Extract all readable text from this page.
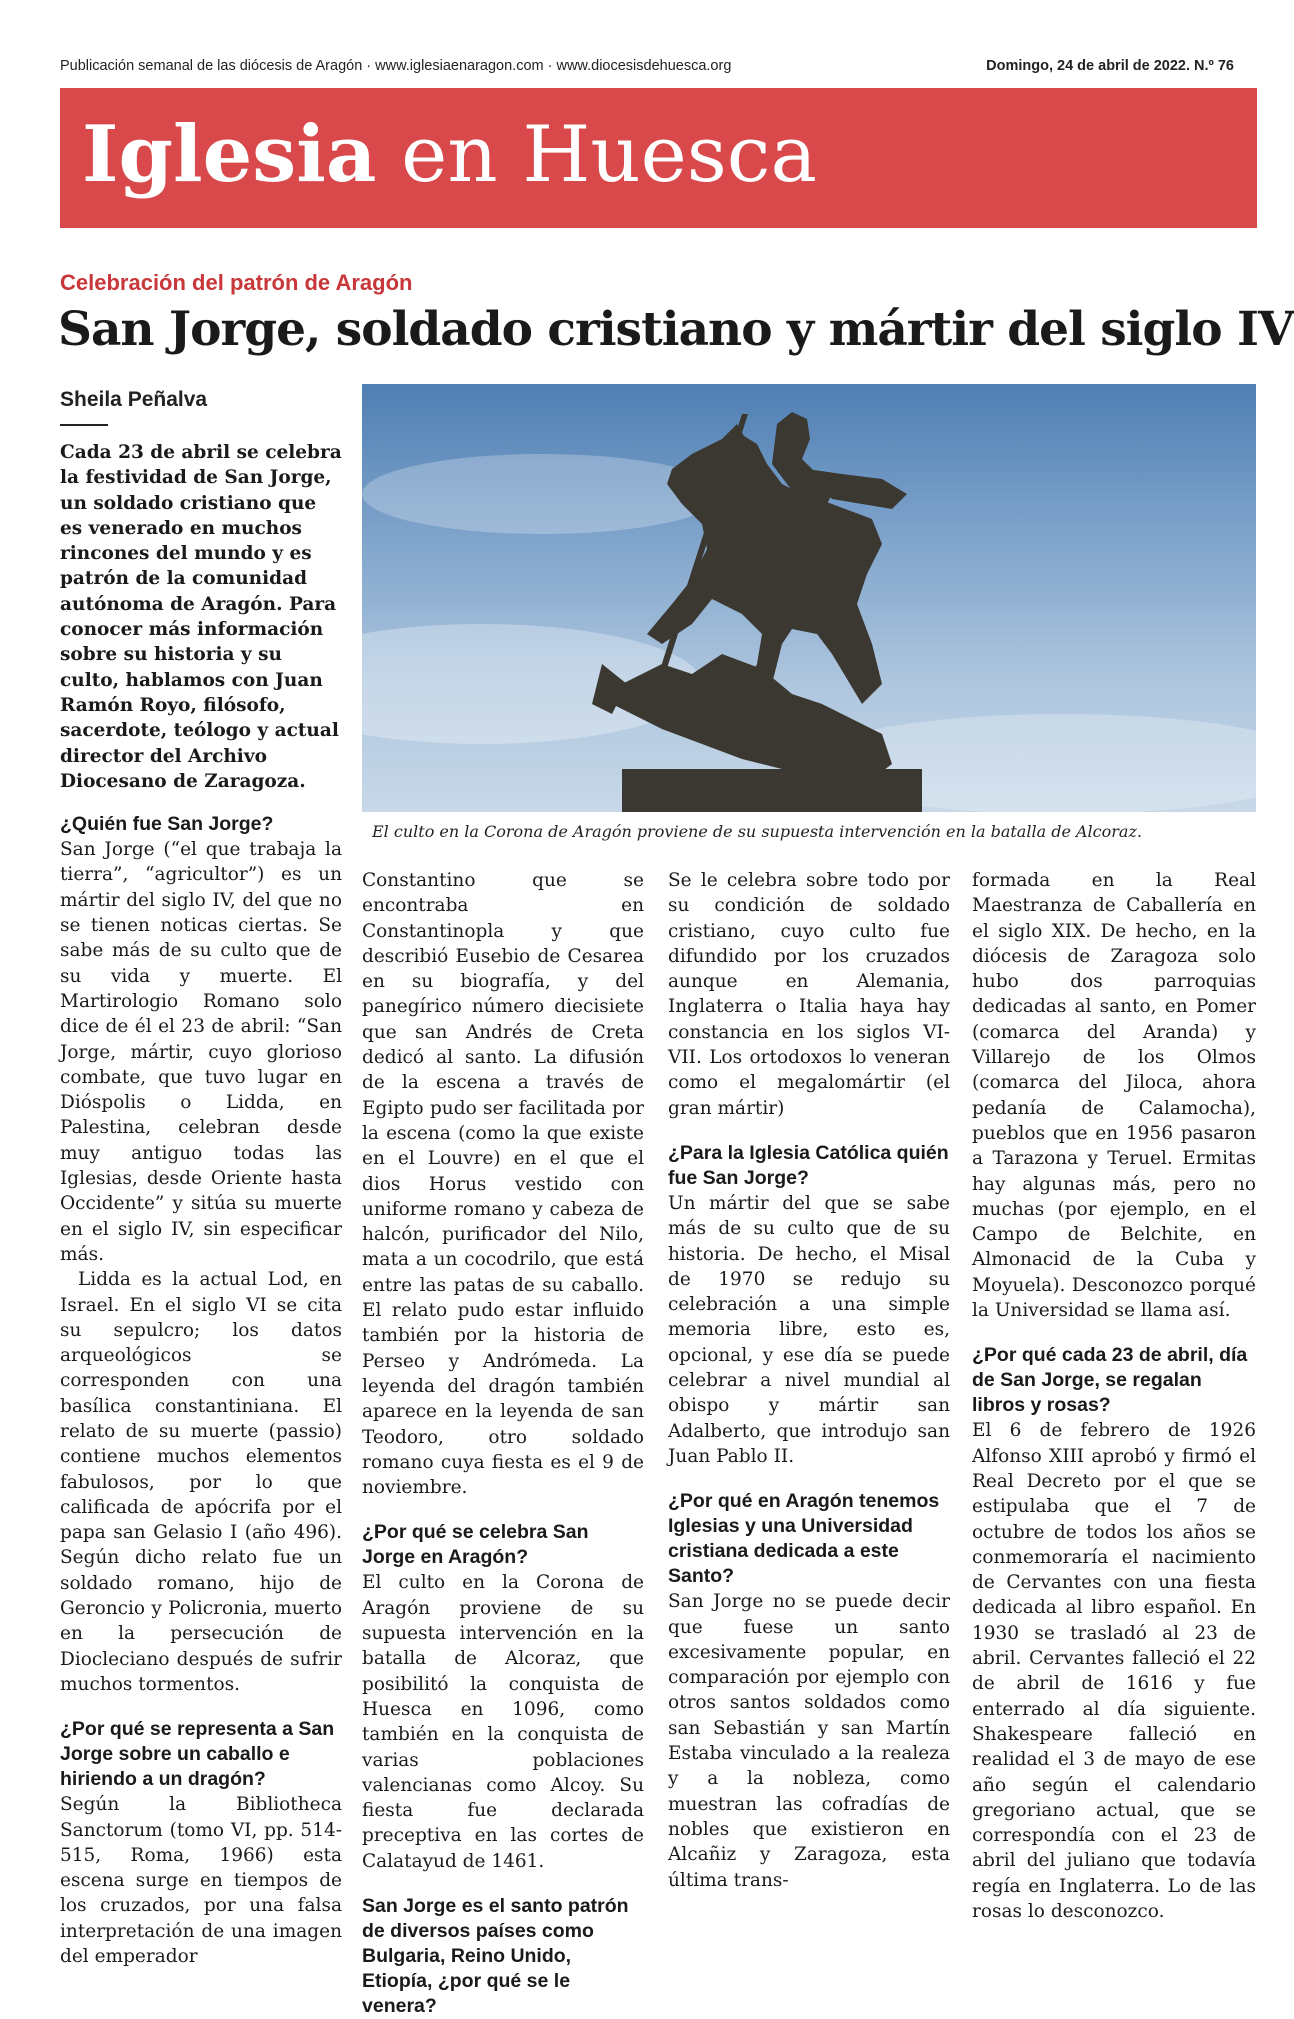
Publicación semanal de las diócesis de Aragón · www.iglesiaenaragon.com · www.diocesisdehuesca.org	Domingo, 24 de abril de 2022. N.º 76
Iglesia en Huesca
Celebración del patrón de Aragón
San Jorge, soldado cristiano y mártir del siglo IV
Sheila Peñalva
El culto en la Corona de Aragón proviene de su supuesta intervención en la batalla de Alcoraz.

Cada 23 de abril se celebra la festividad de San Jorge, un soldado cristiano que es venerado en muchos rincones del mundo y es patrón de la comunidad autónoma de Aragón. Para conocer más información sobre su historia y su culto, hablamos con Juan Ramón Royo, filósofo, sacerdote, teólogo y actual director del Archivo Diocesano de Zaragoza.

¿Quién fue San Jorge?

San Jorge (“el que trabaja la tierra”, “agricultor”) es un mártir del siglo IV, del que no se tienen noticas ciertas. Se sabe más de su culto que de su vida y muerte. El Martirologio Romano solo dice de él el 23 de abril: “San Jorge, mártir, cuyo glorioso combate, que tuvo lugar en Dióspolis o Lidda, en Palestina, celebran desde muy antiguo todas las Iglesias, desde Oriente hasta Occidente” y sitúa su muerte en el siglo IV, sin especificar más.

Lidda es la actual Lod, en Israel. En el siglo VI se cita su sepulcro; los datos arqueológicos se corresponden con una basílica constantiniana. El relato de su muerte (passio) contiene muchos elementos fabulosos, por lo que calificada de apócrifa por el papa san Gelasio I (año 496). Según dicho relato fue un soldado romano, hijo de Geroncio y Policronia, muerto en la persecución de Diocleciano después de sufrir muchos tormentos.

¿Por qué se representa a San Jorge sobre un caballo e hiriendo a un dragón?

Según la Bibliotheca Sanctorum (tomo VI, pp. 514-515, Roma, 1966) esta escena surge en tiempos de los cruzados, por una falsa interpretación de una imagen del emperador

Constantino que se encontraba en Constantinopla y que describió Eusebio de Cesarea en su biografía, y del panegírico número diecisiete que san Andrés de Creta dedicó al santo. La difusión de la escena a través de Egipto pudo ser facilitada por la escena (como la que existe en el Louvre) en el que el dios Horus vestido con uniforme romano y cabeza de halcón, purificador del Nilo, mata a un cocodrilo, que está entre las patas de su caballo. El relato pudo estar influido también por la historia de Perseo y Andrómeda. La leyenda del dragón también aparece en la leyenda de san Teodoro, otro soldado romano cuya fiesta es el 9 de noviembre.

¿Por qué se celebra San Jorge en Aragón?

El culto en la Corona de Aragón proviene de su supuesta intervención en la batalla de Alcoraz, que posibilitó la conquista de Huesca en 1096, como también en la conquista de varias poblaciones valencianas como Alcoy. Su fiesta fue declarada preceptiva en las cortes de Calatayud de 1461.

San Jorge es el santo patrón de diversos países como Bulgaria, Reino Unido, Etiopía, ¿por qué se le venera?

Se le celebra sobre todo por su condición de soldado cristiano, cuyo culto fue difundido por los cruzados aunque en Alemania, Inglaterra o Italia haya hay constancia en los siglos VI-VII. Los ortodoxos lo veneran como el megalomártir (el gran mártir)

¿Para la Iglesia Católica quién fue San Jorge?

Un mártir del que se sabe más de su culto que de su historia. De hecho, el Misal de 1970 se redujo su celebración a una simple memoria libre, esto es, opcional, y ese día se puede celebrar a nivel mundial al obispo y mártir san Adalberto, que introdujo san Juan Pablo II.

¿Por qué en Aragón tenemos Iglesias y una Universidad cristiana dedicada a este Santo?

San Jorge no se puede decir que fuese un santo excesivamente popular, en comparación por ejemplo con otros santos soldados como san Sebastián y san Martín Estaba vinculado a la realeza y a la nobleza, como muestran las cofradías de nobles que existieron en Alcañiz y Zaragoza, esta última trans-

formada en la Real Maestranza de Caballería en el siglo XIX. De hecho, en la diócesis de Zaragoza solo hubo dos parroquias dedicadas al santo, en Pomer (comarca del Aranda) y Villarejo de los Olmos (comarca del Jiloca, ahora pedanía de Calamocha), pueblos que en 1956 pasaron a Tarazona y Teruel. Ermitas hay algunas más, pero no muchas (por ejemplo, en el Campo de Belchite, en Almonacid de la Cuba y Moyuela). Desconozco porqué la Universidad se llama así.

¿Por qué cada 23 de abril, día de San Jorge, se regalan libros y rosas?

El 6 de febrero de 1926 Alfonso XIII aprobó y firmó el Real Decreto por el que se estipulaba que el 7 de octubre de todos los años se conmemoraría el nacimiento de Cervantes con una fiesta dedicada al libro español. En 1930 se trasladó al 23 de abril. Cervantes falleció el 22 de abril de 1616 y fue enterrado al día siguiente. Shakespeare falleció en realidad el 3 de mayo de ese año según el calendario gregoriano actual, que se correspondía con el 23 de abril del juliano que todavía regía en Inglaterra. Lo de las rosas lo desconozco.
